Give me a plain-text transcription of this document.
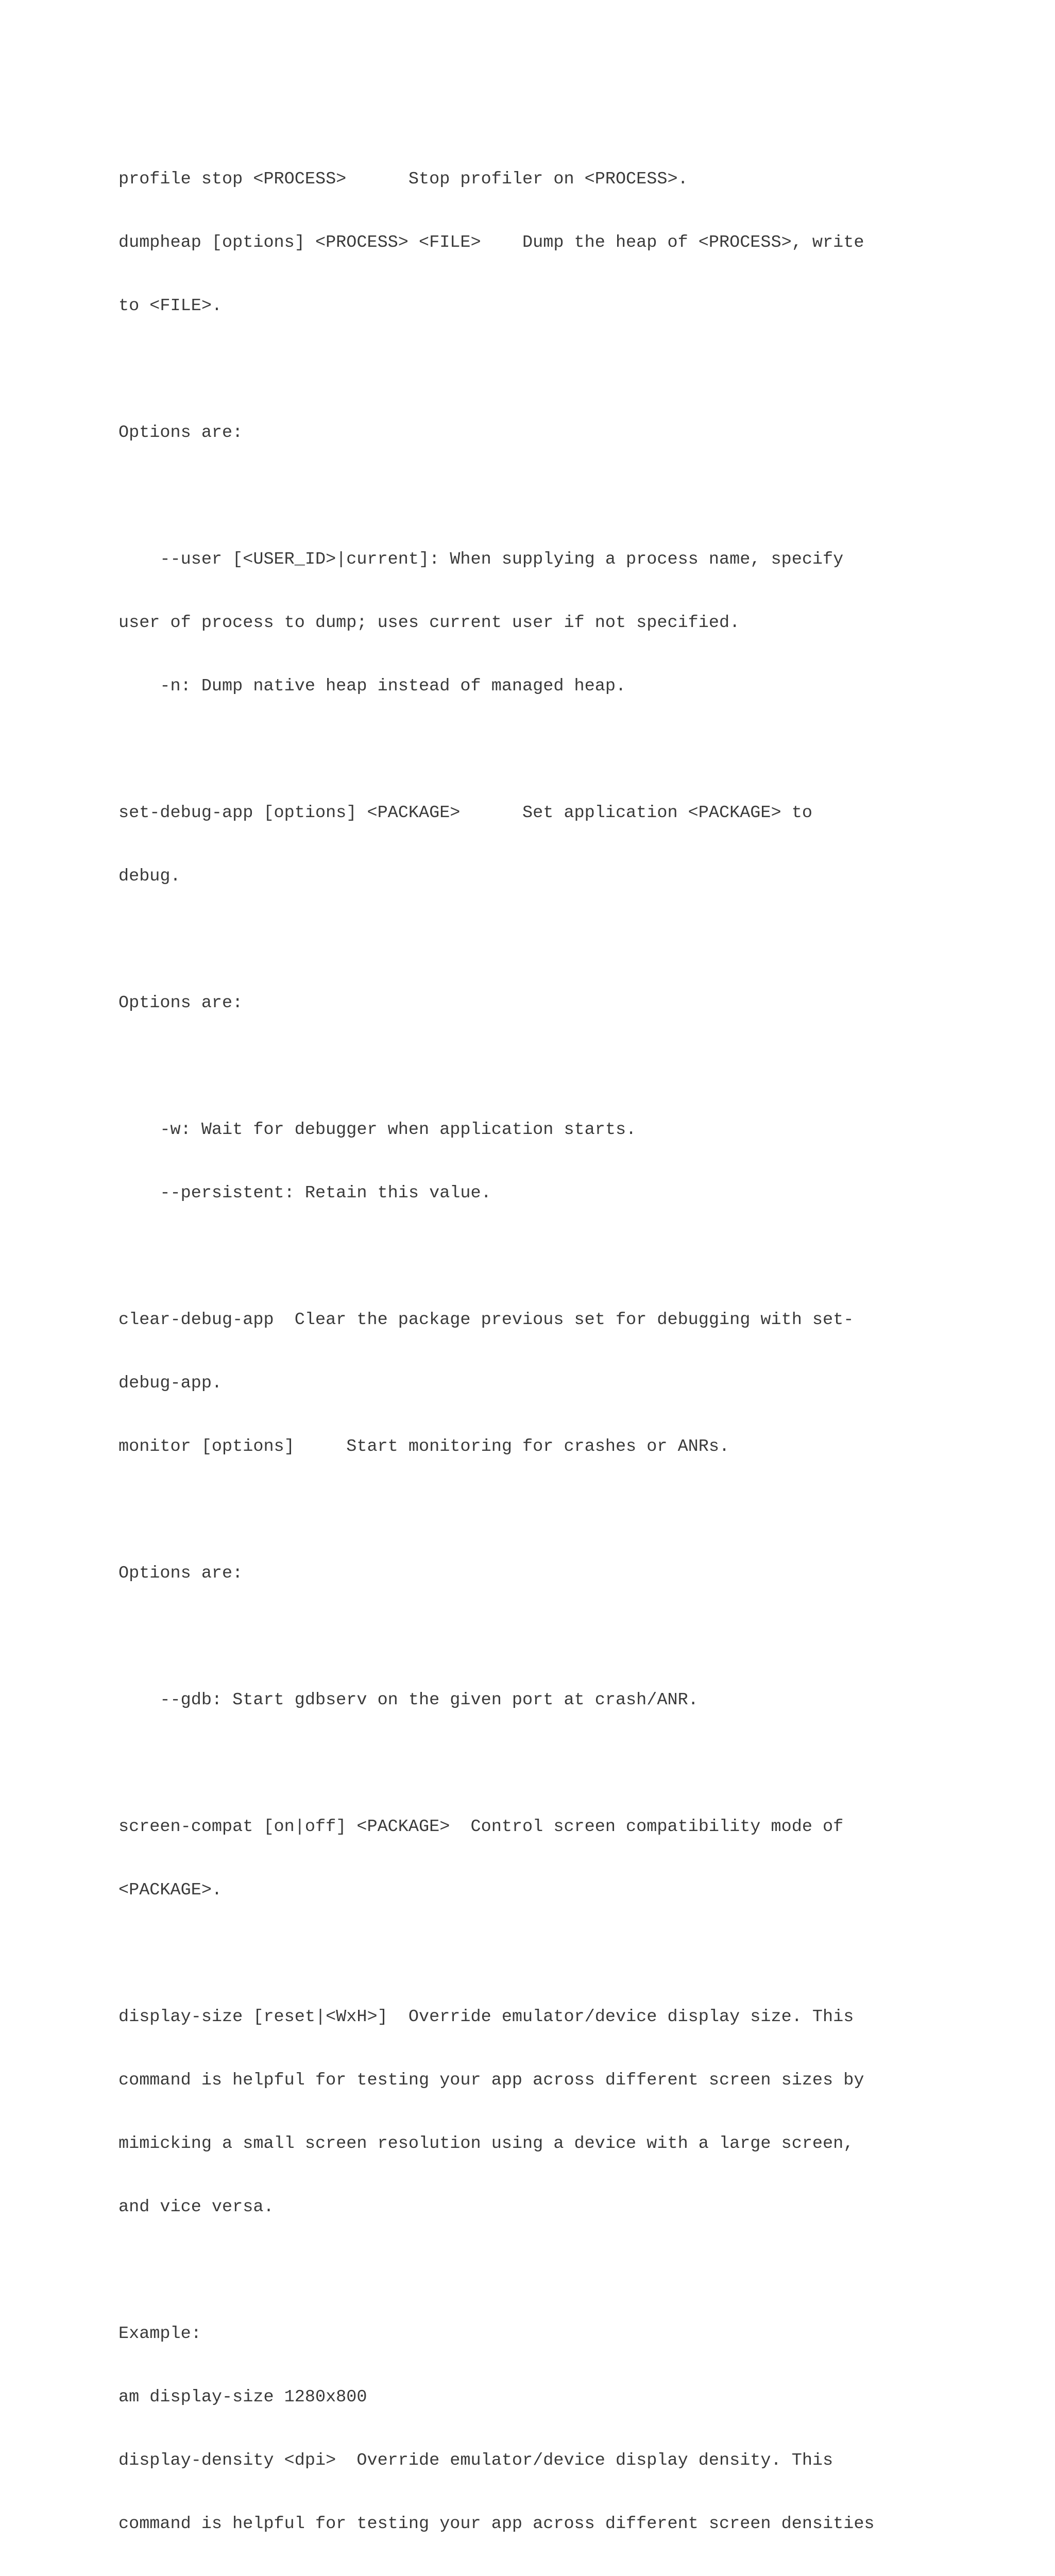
profile stop <PROCESS>      Stop profiler on <PROCESS>.

dumpheap [options] <PROCESS> <FILE>    Dump the heap of <PROCESS>, write

to <FILE>.

Options are:

--user [<USER_ID>|current]: When supplying a process name, specify

user of process to dump; uses current user if not specified.

-n: Dump native heap instead of managed heap.

set-debug-app [options] <PACKAGE>      Set application <PACKAGE> to

debug.

Options are:

-w: Wait for debugger when application starts.

--persistent: Retain this value.

clear-debug-app  Clear the package previous set for debugging with set-

debug-app.

monitor [options]     Start monitoring for crashes or ANRs.

Options are:

--gdb: Start gdbserv on the given port at crash/ANR.

screen-compat [on|off] <PACKAGE>  Control screen compatibility mode of

<PACKAGE>.

display-size [reset|<WxH>]  Override emulator/device display size. This

command is helpful for testing your app across different screen sizes by

mimicking a small screen resolution using a device with a large screen,

and vice versa.

Example:

am display-size 1280x800

display-density <dpi>  Override emulator/device display density. This

command is helpful for testing your app across different screen densities
